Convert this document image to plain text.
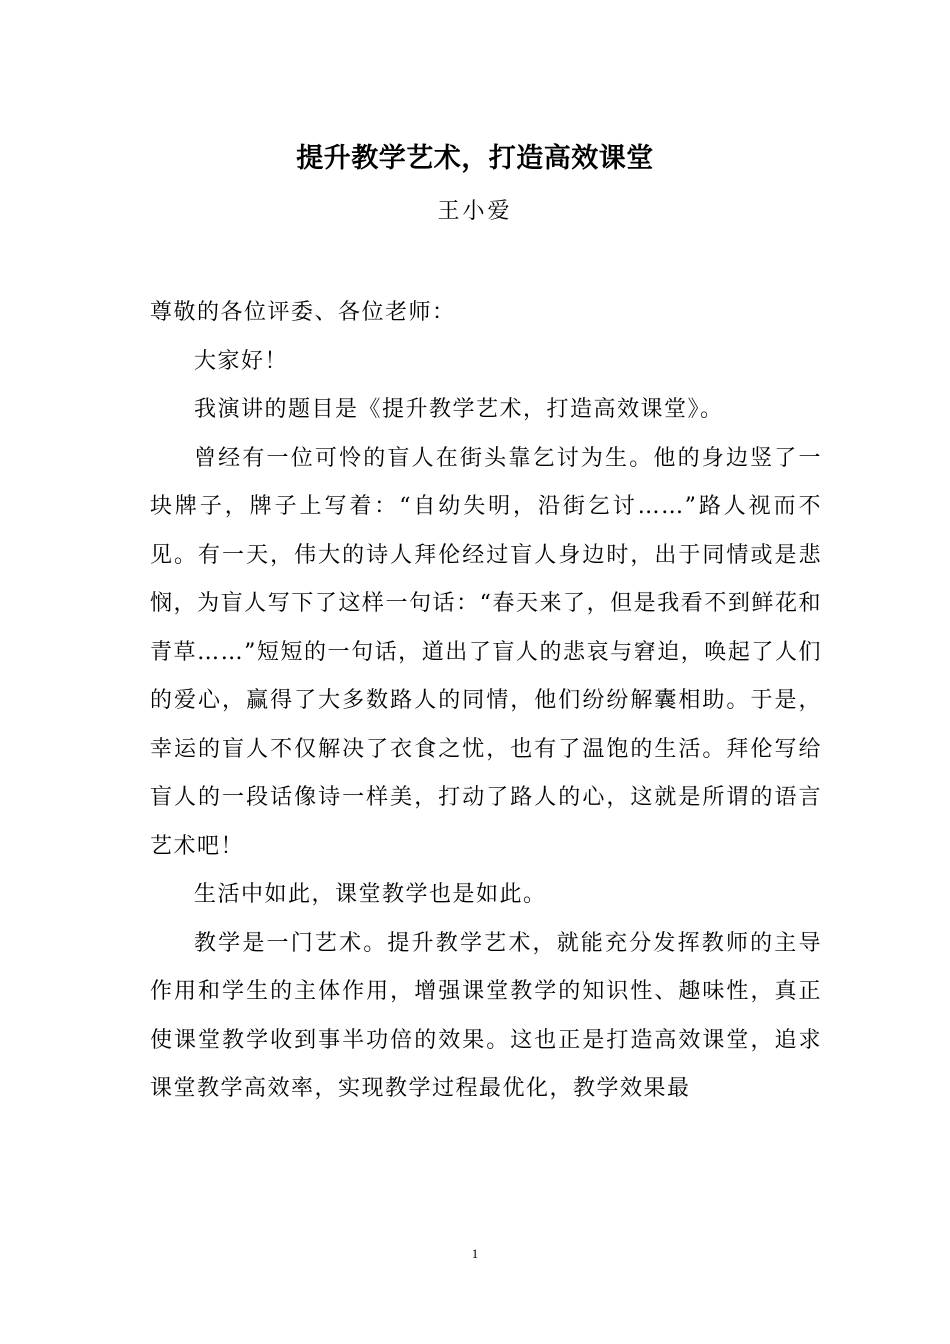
提升教学艺术，打造高效课堂
王小爱

尊敬的各位评委、各位老师：

大家好！

我演讲的题目是《提升教学艺术，打造高效课堂》。

曾经有一位可怜的盲人在街头靠乞讨为生。他的身边竖了一块牌子，牌子上写着：“自幼失明，沿街乞讨……”路人视而不见。有一天，伟大的诗人拜伦经过盲人身边时，出于同情或是悲悯，为盲人写下了这样一句话：“春天来了，但是我看不到鲜花和青草……”短短的一句话，道出了盲人的悲哀与窘迫，唤起了人们的爱心，赢得了大多数路人的同情，他们纷纷解囊相助。于是，幸运的盲人不仅解决了衣食之忧，也有了温饱的生活。拜伦写给盲人的一段话像诗一样美，打动了路人的心，这就是所谓的语言艺术吧！

生活中如此，课堂教学也是如此。

教学是一门艺术。提升教学艺术，就能充分发挥教师的主导作用和学生的主体作用，增强课堂教学的知识性、趣味性，真正使课堂教学收到事半功倍的效果。这也正是打造高效课堂，追求课堂教学高效率，实现教学过程最优化，教学效果最

1
